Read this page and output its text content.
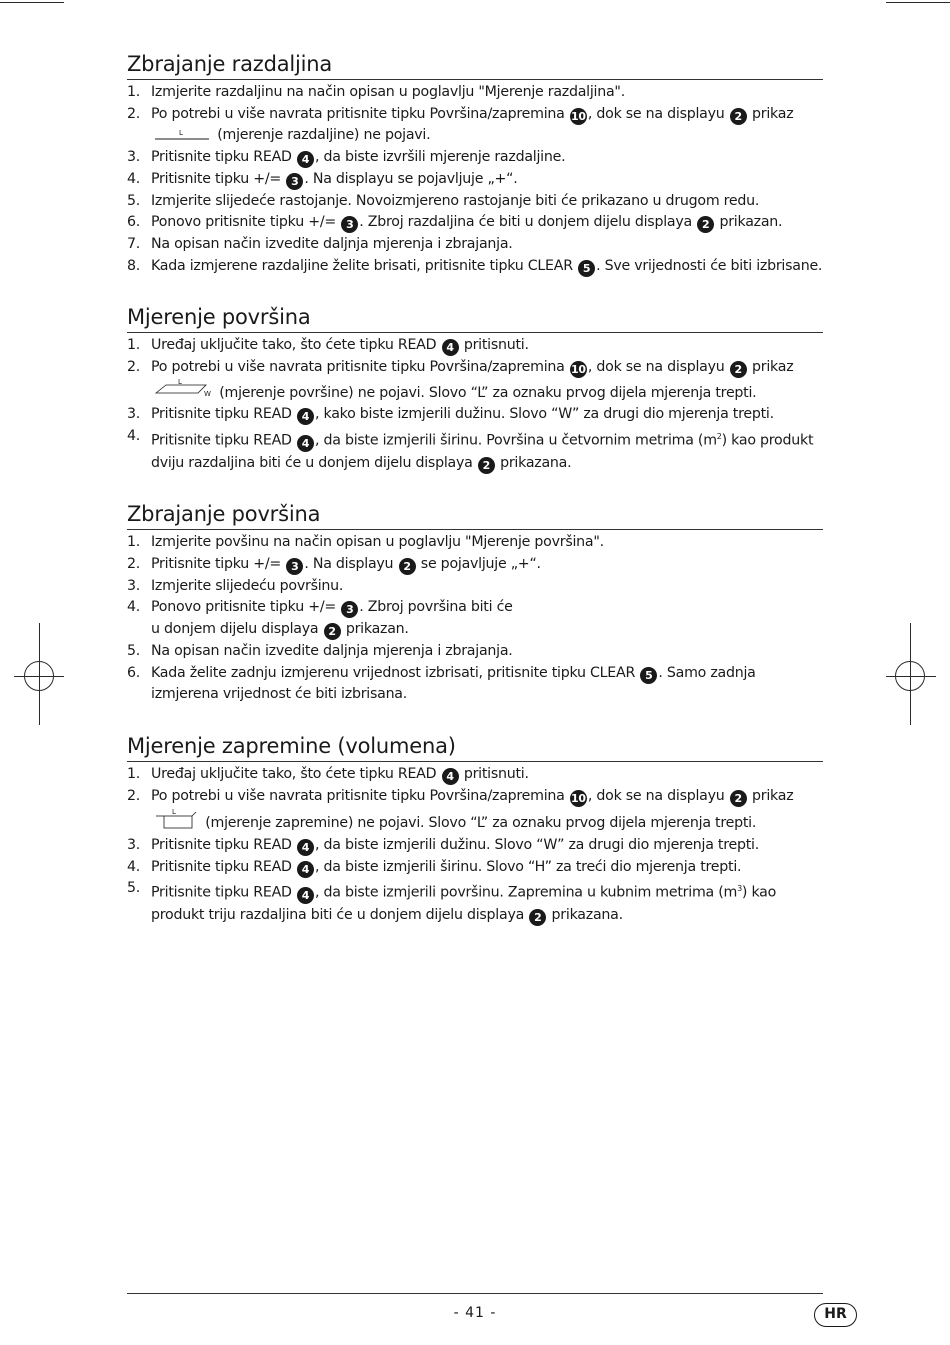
Zbrajanje razdaljina
1. Izmjerite razdaljinu na način opisan u poglavlju "Mjerenje razdaljina".
2. Po potrebi u više navrata pritisnite tipku Površina/zapremina 10 , dok se na displayu 2 prikaz
L (mjerenje razdaljine) ne pojavi.
3. Pritisnite tipku READ 4 , da biste izvršili mjerenje razdaljine.
4. Pritisnite tipku +/= 3 . Na displayu se pojavljuje „+“.
5. Izmjerite slijedeće rastojanje. Novoizmjereno rastojanje biti će prikazano u drugom redu.
6. Ponovo pritisnite tipku +/= 3 . Zbroj razdaljina će biti u donjem dijelu displaya 2 prikazan.
7. Na opisan način izvedite daljnja mjerenja i zbrajanja.
8. Kada izmjerene razdaljine želite brisati, pritisnite tipku CLEAR 5 . Sve vrijednosti će biti izbrisane.
Mjerenje površina
1. Uređaj uključite tako, što ćete tipku READ 4 pritisnuti.
2. Po potrebi u više navrata pritisnite tipku Površina/zapremina 10 , dok se na displayu 2 prikaz
L
W (mjerenje površine) ne pojavi. Slovo “L” za oznaku prvog dijela mjerenja trepti.
3. Pritisnite tipku READ 4 , kako biste izmjerili dužinu. Slovo “W” za drugi dio mjerenja trepti.
4. Pritisnite tipku READ 4 , da biste izmjerili širinu. Površina u četvornim metrima $(m^2)$ kao produkt dviju razdaljina biti će u donjem dijelu displaya 2 prikazana.
Zbrajanje površina
1. Izmjerite povšinu na način opisan u poglavlju "Mjerenje površina".
2. Pritisnite tipku +/= 3 . Na displayu 2 se pojavljuje „+“.
3. Izmjerite slijedeću površinu.
4. Ponovo pritisnite tipku +/= 3 . Zbroj površina biti će
u donjem dijelu displaya 2 prikazan.
5. Na opisan način izvedite daljnja mjerenja i zbrajanja.
6. Kada želite zadnju izmjerenu vrijednost izbrisati, pritisnite tipku CLEAR 5 . Samo zadnja izmjerena vrijednost će biti izbrisana.
Mjerenje zapremine (volumena)
1. Uređaj uključite tako, što ćete tipku READ 4 pritisnuti.
2. Po potrebi u više navrata pritisnite tipku Površina/zapremina 10 , dok se na displayu 2 prikaz
L
(mjerenje zapremine) ne pojavi. Slovo “L” za oznaku prvog dijela mjerenja trepti.
3. Pritisnite tipku READ 4 , da biste izmjerili dužinu. Slovo “W” za drugi dio mjerenja trepti.
4. Pritisnite tipku READ 4 , da biste izmjerili širinu. Slovo “H” za treći dio mjerenja trepti.
5. Pritisnite tipku READ 4 , da biste izmjerili površinu. Zapremina u kubnim metrima $(m^3)$ kao produkt triju razdaljina biti će u donjem dijelu displaya 2 prikazana.
- 41 -	HR
